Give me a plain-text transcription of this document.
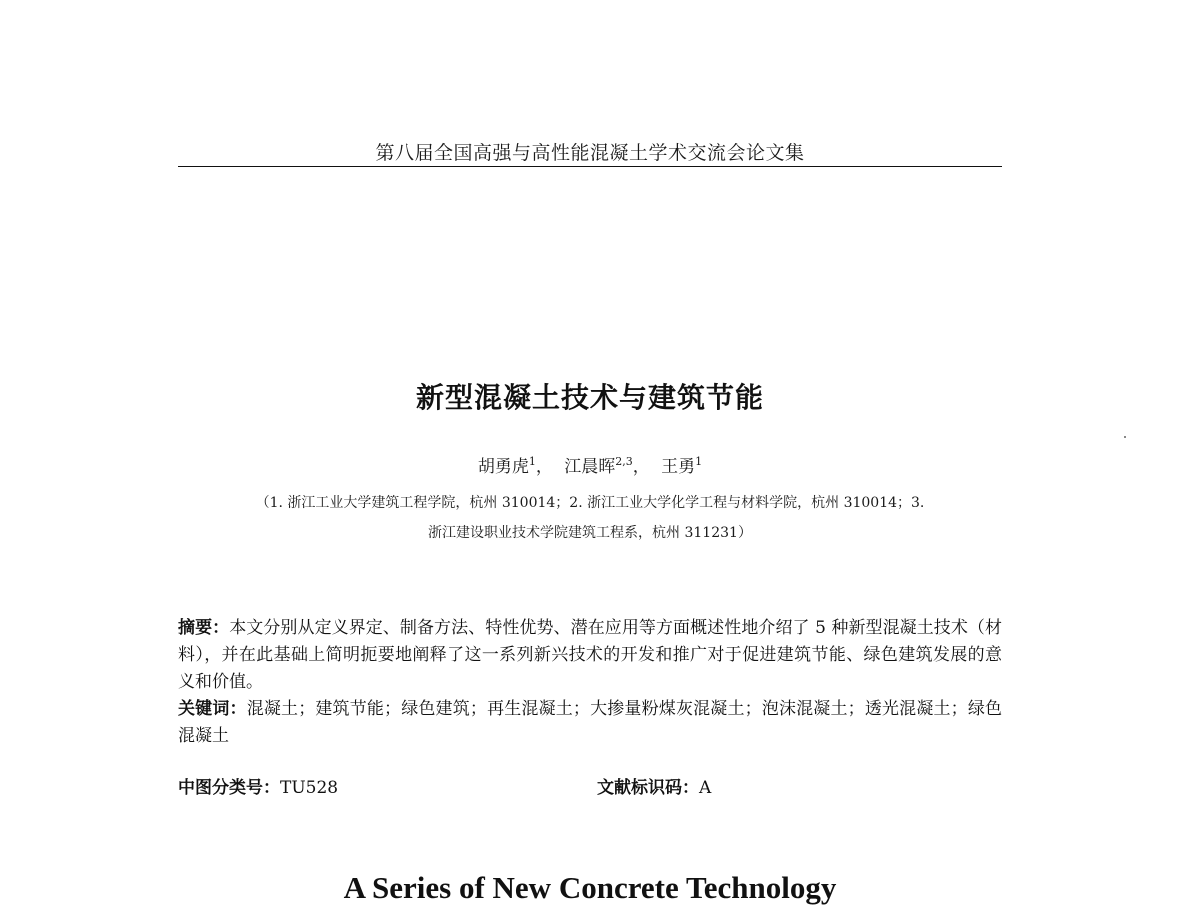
第八届全国高强与高性能混凝土学术交流会论文集
新型混凝土技术与建筑节能
胡勇虎$^1$， 江晨晖$^{2,3}$， 王勇$^1$
（1. 浙江工业大学建筑工程学院，杭州 310014；2. 浙江工业大学化学工程与材料学院，杭州 310014；3.
浙江建设职业技术学院建筑工程系，杭州 311231）

摘要：本文分别从定义界定、制备方法、特性优势、潜在应用等方面概述性地介绍了 5 种新型混凝土技术（材料），并在此基础上简明扼要地阐释了这一系列新兴技术的开发和推广对于促进建筑节能、绿色建筑发展的意义和价值。

关键词：混凝土；建筑节能；绿色建筑；再生混凝土；大掺量粉煤灰混凝土；泡沫混凝土；透光混凝土；绿色混凝土

中图分类号：TU528	文献标识码：A
A Series of New Concrete Technology
